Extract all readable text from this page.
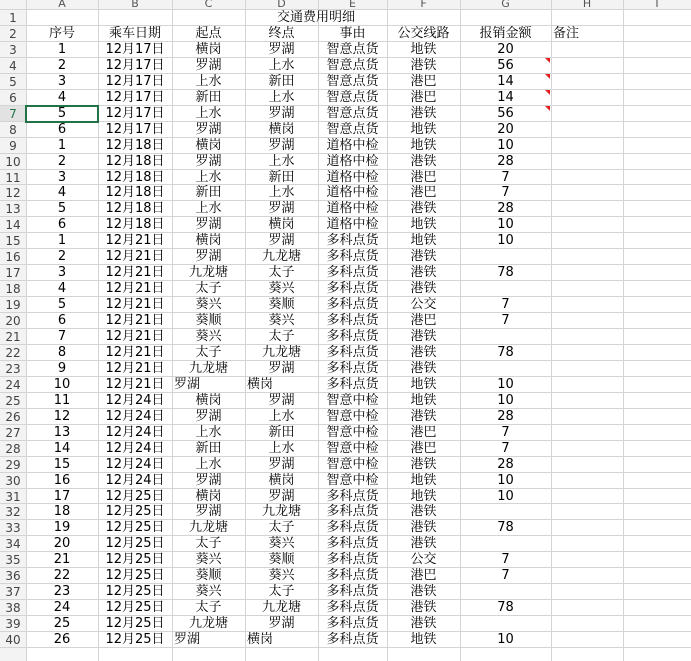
A	B	C	D	E	F	G	H	I
1
2
3
4
5
6
7
8
9
10
11
12
13
14
15
16
17
18
19
20
21
22
23
24
25
26
27
28
29
30
31
32
33
34
35
36
37
38
39
40
交通费用明细
序号	乘车日期	起点	终点	事由	公交线路	报销金额	备注
1	12月17日	横岗	罗湖	智意点货	地铁	20
2	12月17日	罗湖	上水	智意点货	港铁	56
3	12月17日	上水	新田	智意点货	港巴	14
4	12月17日	新田	上水	智意点货	港巴	14
5	12月17日	上水	罗湖	智意点货	港铁	56
6	12月17日	罗湖	横岗	智意点货	地铁	20
1	12月18日	横岗	罗湖	道格中检	地铁	10
2	12月18日	罗湖	上水	道格中检	港铁	28
3	12月18日	上水	新田	道格中检	港巴	7
4	12月18日	新田	上水	道格中检	港巴	7
5	12月18日	上水	罗湖	道格中检	港铁	28
6	12月18日	罗湖	横岗	道格中检	地铁	10
1	12月21日	横岗	罗湖	多科点货	地铁	10
2	12月21日	罗湖	九龙塘	多科点货	港铁
3	12月21日	九龙塘	太子	多科点货	港铁	78
4	12月21日	太子	葵兴	多科点货	港铁
5	12月21日	葵兴	葵顺	多科点货	公交	7
6	12月21日	葵顺	葵兴	多科点货	港巴	7
7	12月21日	葵兴	太子	多科点货	港铁
8	12月21日	太子	九龙塘	多科点货	港铁	78
9	12月21日	九龙塘	罗湖	多科点货	港铁
10	12月21日 罗湖	横岗	多科点货	地铁	10
11	12月24日	横岗	罗湖	智意中检	地铁	10
12	12月24日	罗湖	上水	智意中检	港铁	28
13	12月24日	上水	新田	智意中检	港巴	7
14	12月24日	新田	上水	智意中检	港巴	7
15	12月24日	上水	罗湖	智意中检	港铁	28
16	12月24日	罗湖	横岗	智意中检	地铁	10
17	12月25日	横岗	罗湖	多科点货	地铁	10
18	12月25日	罗湖	九龙塘	多科点货	港铁
19	12月25日	九龙塘	太子	多科点货	港铁	78
20	12月25日	太子	葵兴	多科点货	港铁
21	12月25日	葵兴	葵顺	多科点货	公交	7
22	12月25日	葵顺	葵兴	多科点货	港巴	7
23	12月25日	葵兴	太子	多科点货	港铁
24	12月25日	太子	九龙塘	多科点货	港铁	78
25	12月25日	九龙塘	罗湖	多科点货	港铁
26	12月25日 罗湖	横岗	多科点货	地铁	10
